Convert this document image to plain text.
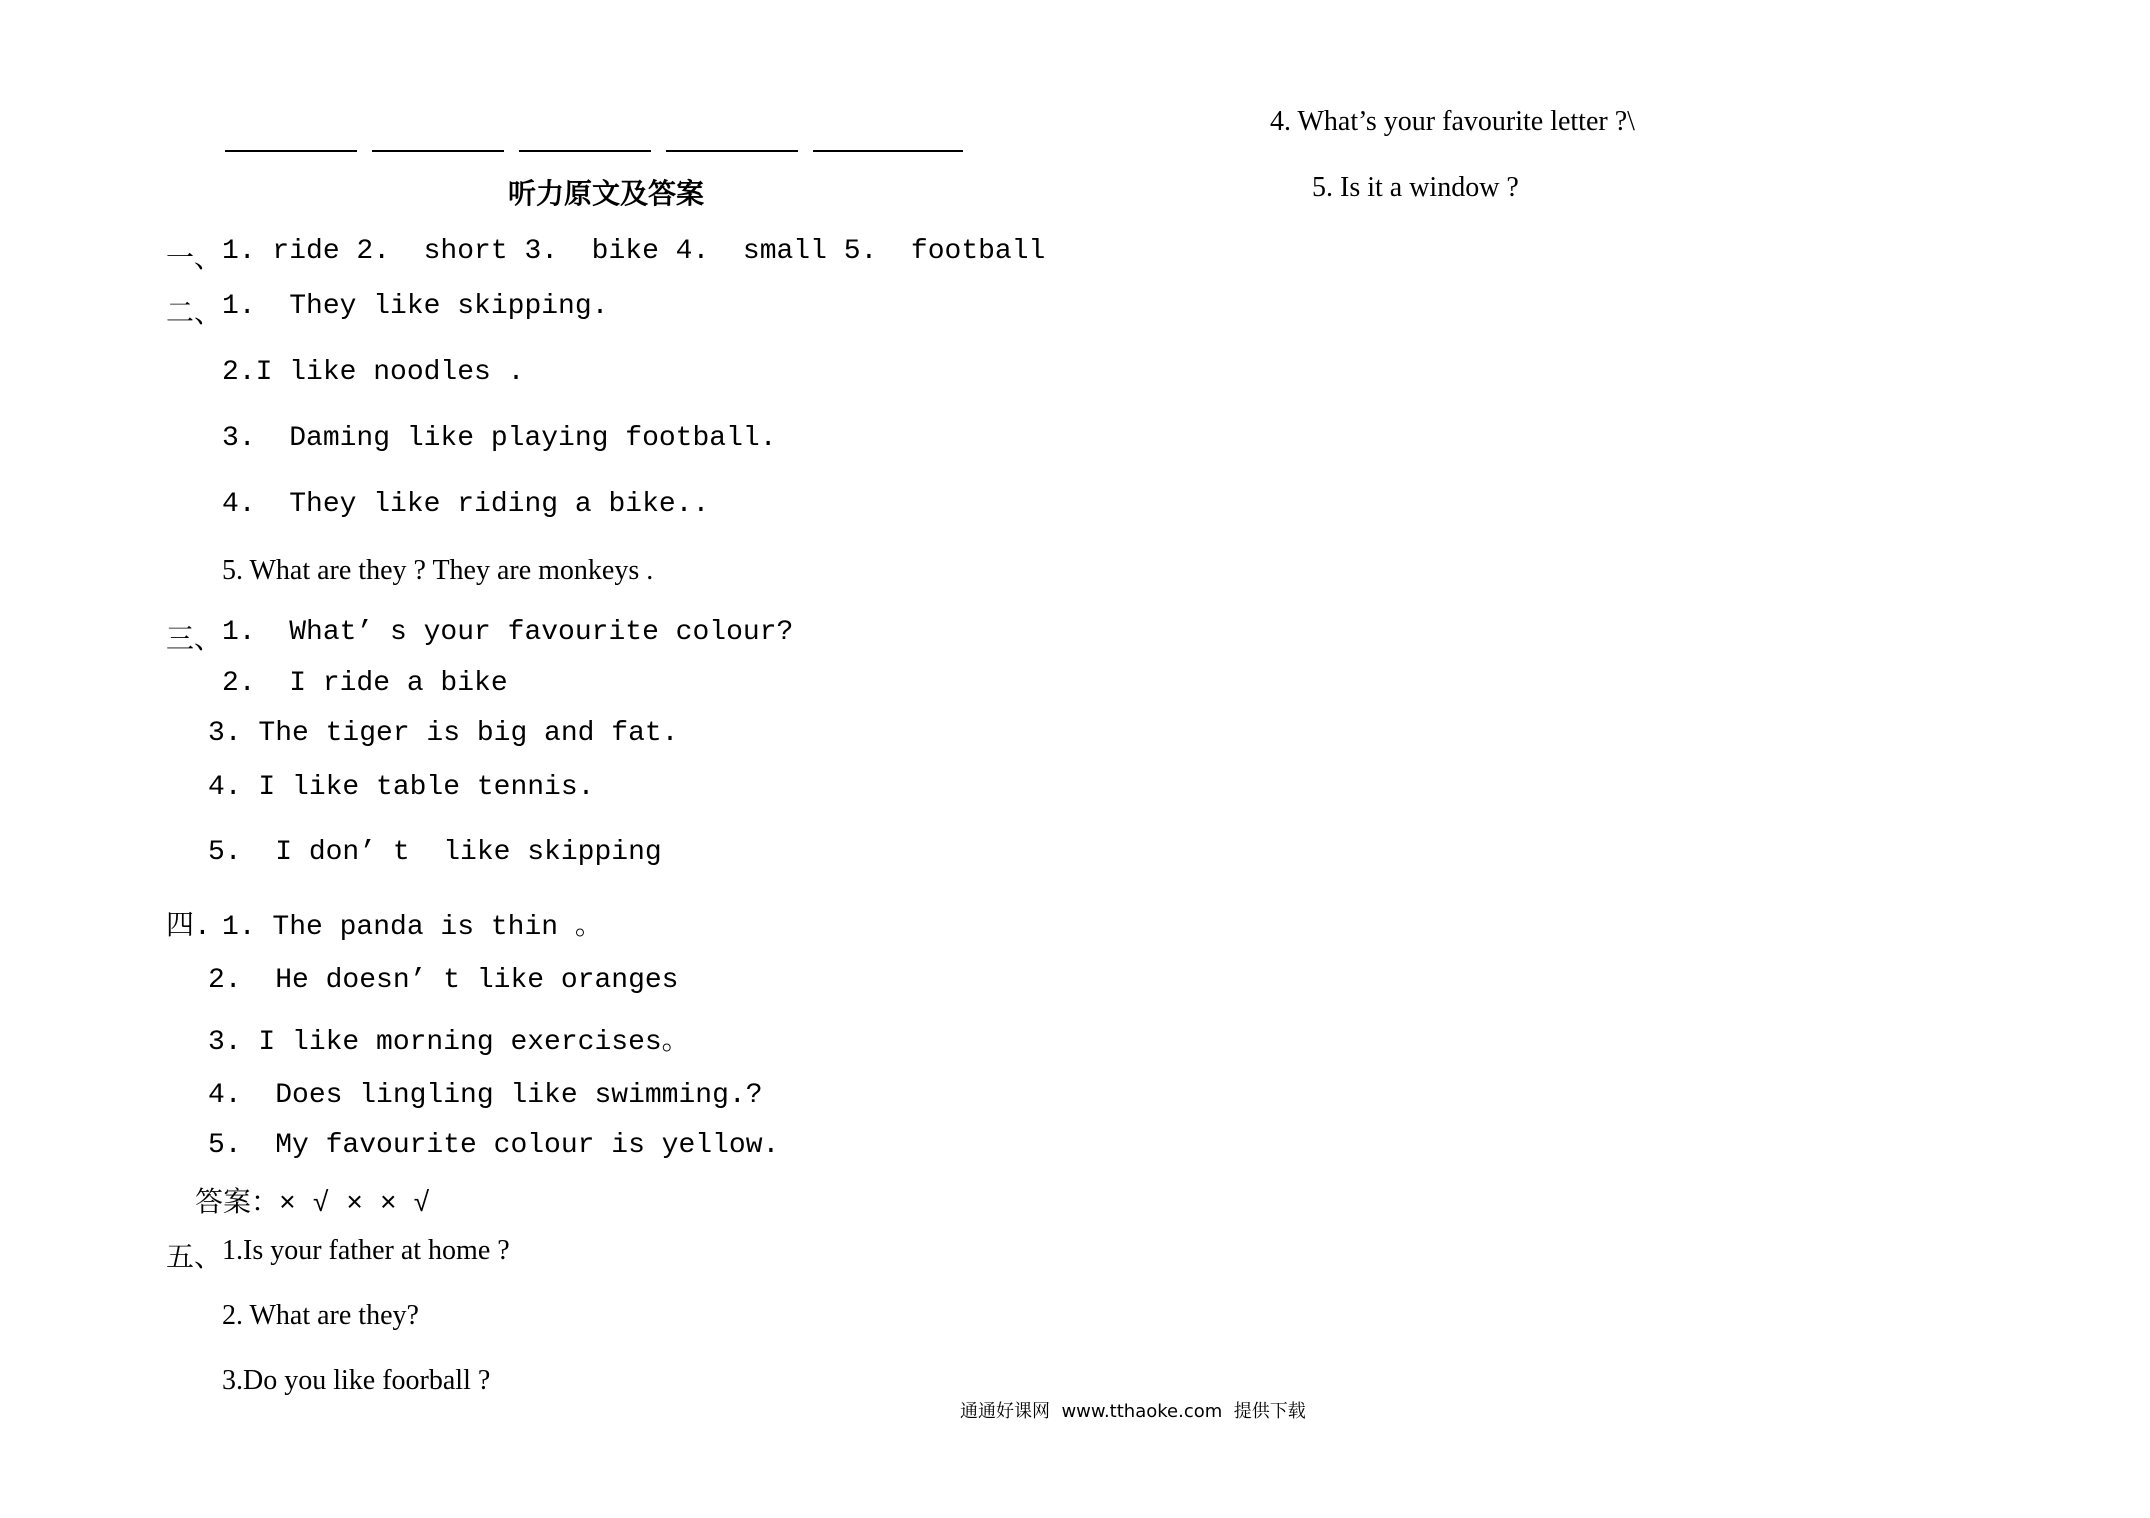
听力原文及答案
一、 1. ride 2.  short 3.  bike 4.  small 5.  football
二、 1.  They like skipping.
2.I like noodles .
3.  Daming like playing football.
4.  They like riding a bike..
5. What are they ? They are monkeys .
三、 1.  What’ s your favourite colour?
2.  I ride a bike
3. The tiger is big and fat.
4. I like table tennis.
5.  I don’ t  like skipping
四. 1. The panda is thin 。
2.  He doesn’ t like oranges
3. I like morning exercises。
4.  Does lingling like swimming.?
5.  My favourite colour is yellow.
答案：× √ × × √
五、 1.Is your father at home ?
2. What are they?
3.Do you like foorball ?
4. What’s your favourite letter ?\
5. Is it a window ?
通通好课网  www.tthaoke.com  提供下载
